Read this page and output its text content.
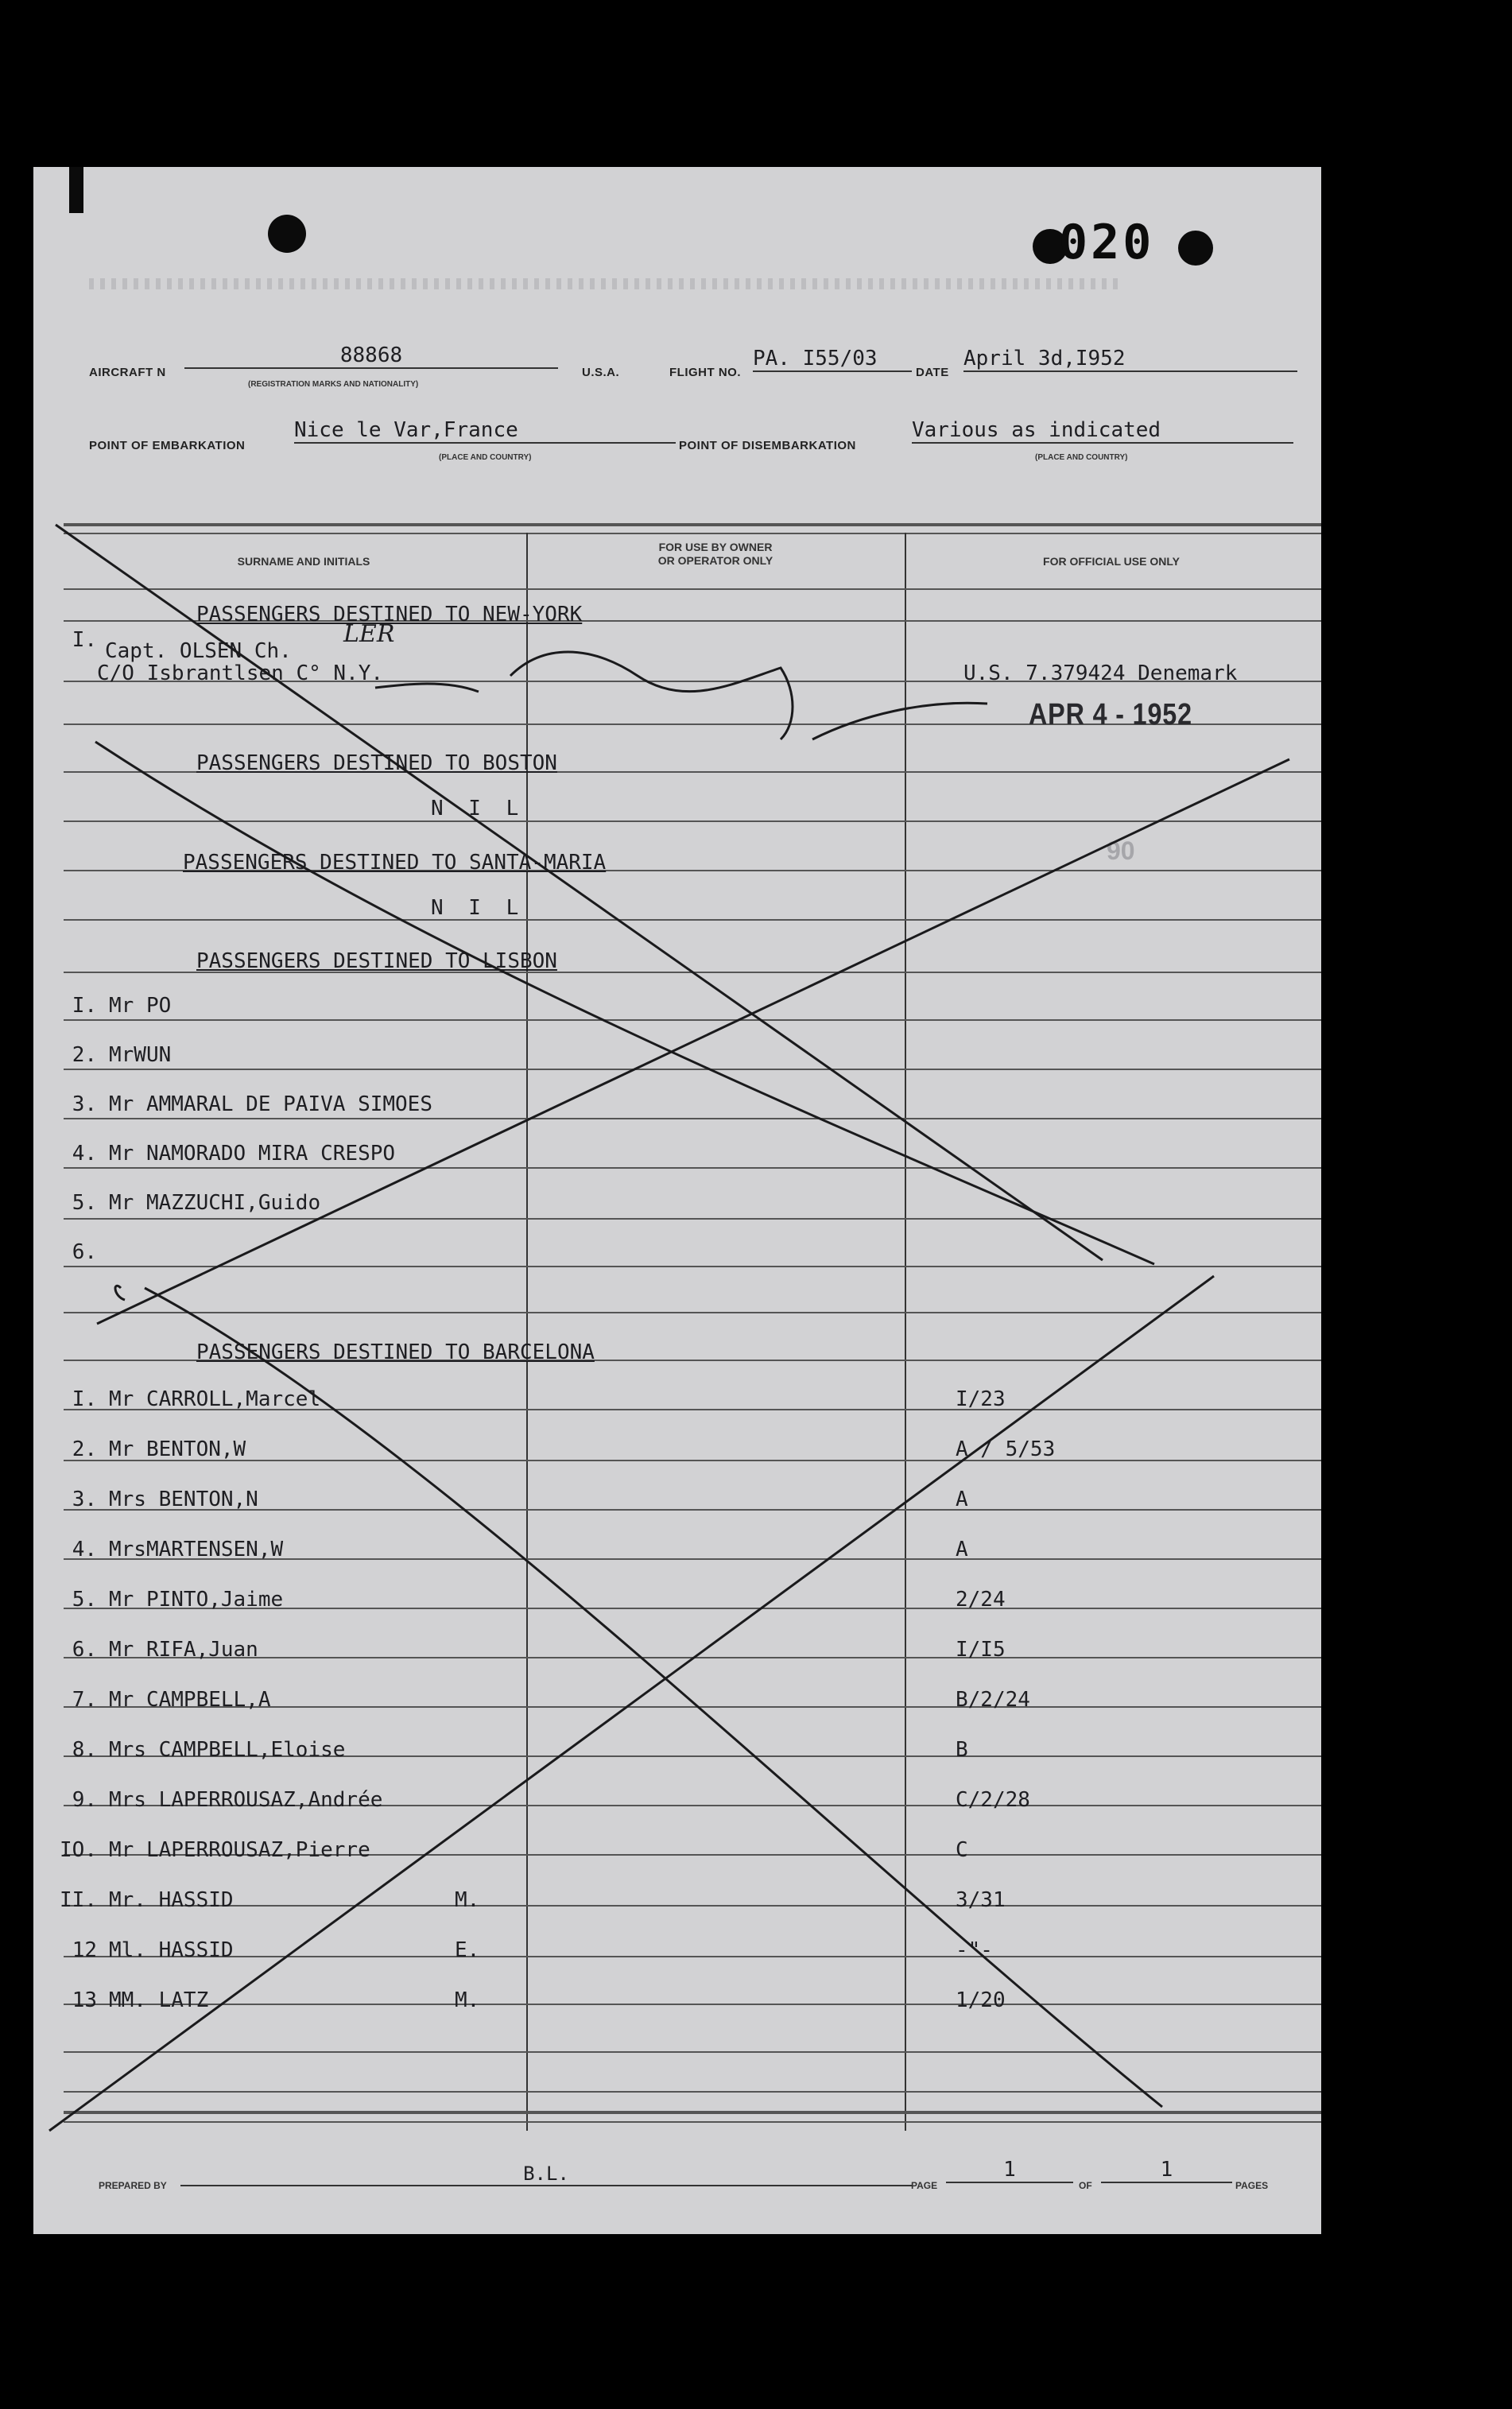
020
AIRCRAFT N
88868
(REGISTRATION MARKS AND NATIONALITY)
U.S.A.	FLIGHT NO.
PA. I55/03
DATE
April 3d,I952
POINT OF EMBARKATION
Nice le Var,France
(PLACE AND COUNTRY)
POINT OF DISEMBARKATION
Various as indicated
(PLACE AND COUNTRY)
SURNAME AND INITIALS
FOR USE BY OWNER
OR OPERATOR ONLY	FOR OFFICIAL USE ONLY
PASSENGERS DESTINED TO NEW-YORK
I. Capt. OLSEN Ch.
LER
C/O Isbrantlsen C° N.Y.	U.S. 7.379424 Denemark
APR 4 - 1952
90
PASSENGERS DESTINED TO BOSTON
N I L
PASSENGERS DESTINED TO SANTA-MARIA
N I L
PASSENGERS DESTINED TO LISBON
I. Mr PO
2. MrWUN
3. Mr AMMARAL DE PAIVA SIMOES
4. Mr NAMORADO MIRA CRESPO
5. Mr MAZZUCHI,Guido
6.
PASSENGERS DESTINED TO BARCELONA
I. Mr CARROLL,Marcel	I/23
2. Mr BENTON,W	A / 5/53
3. Mrs BENTON,N	A
4. MrsMARTENSEN,W	A
5. Mr PINTO,Jaime	2/24
6. Mr RIFA,Juan	I/I5
7. Mr CAMPBELL,A	B/2/24
8. Mrs CAMPBELL,Eloise	B
9. Mrs LAPERROUSAZ,Andrée	C/2/28
IO. Mr LAPERROUSAZ,Pierre	C
II. Mr. HASSID	M.	3/31
12 Ml. HASSID	E.	-"-
13 MM. LATZ	M.	1/20
PREPARED BY
B.L.
PAGE
1
OF
1
PAGES
